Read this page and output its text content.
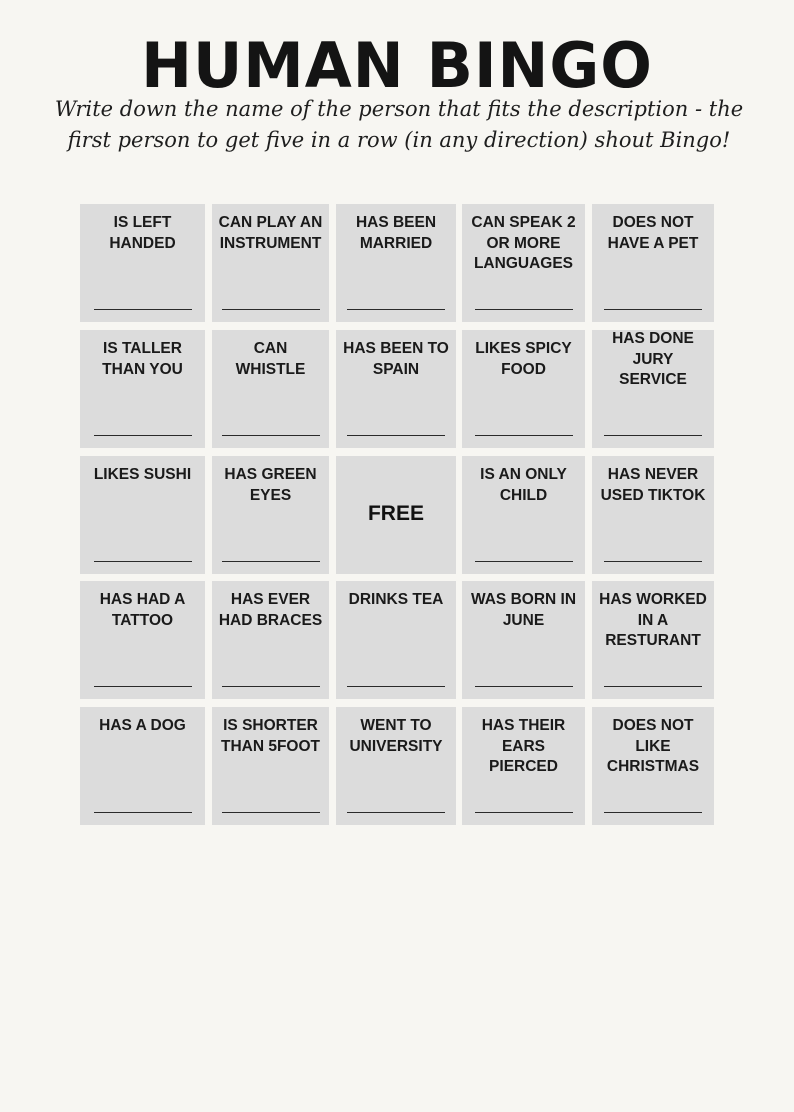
HUMAN BINGO
Write down the name of the person that fits the description - the first person to get five in a row (in any direction) shout Bingo!
IS LEFT HANDED
CAN PLAY AN INSTRUMENT
HAS BEEN MARRIED
CAN SPEAK 2 OR MORE LANGUAGES
DOES NOT HAVE A PET
IS TALLER THAN YOU
CAN WHISTLE
HAS BEEN TO SPAIN
LIKES SPICY FOOD
HAS DONE JURY SERVICE
LIKES SUSHI	HAS GREEN EYES
FREE
IS AN ONLY CHILD
HAS NEVER USED TIKTOK
HAS HAD A TATTOO
HAS EVER HAD BRACES
DRINKS TEA	WAS BORN IN JUNE
HAS WORKED IN A RESTURANT
HAS A DOG	IS SHORTER THAN 5FOOT
WENT TO UNIVERSITY
HAS THEIR EARS PIERCED
DOES NOT LIKE CHRISTMAS
